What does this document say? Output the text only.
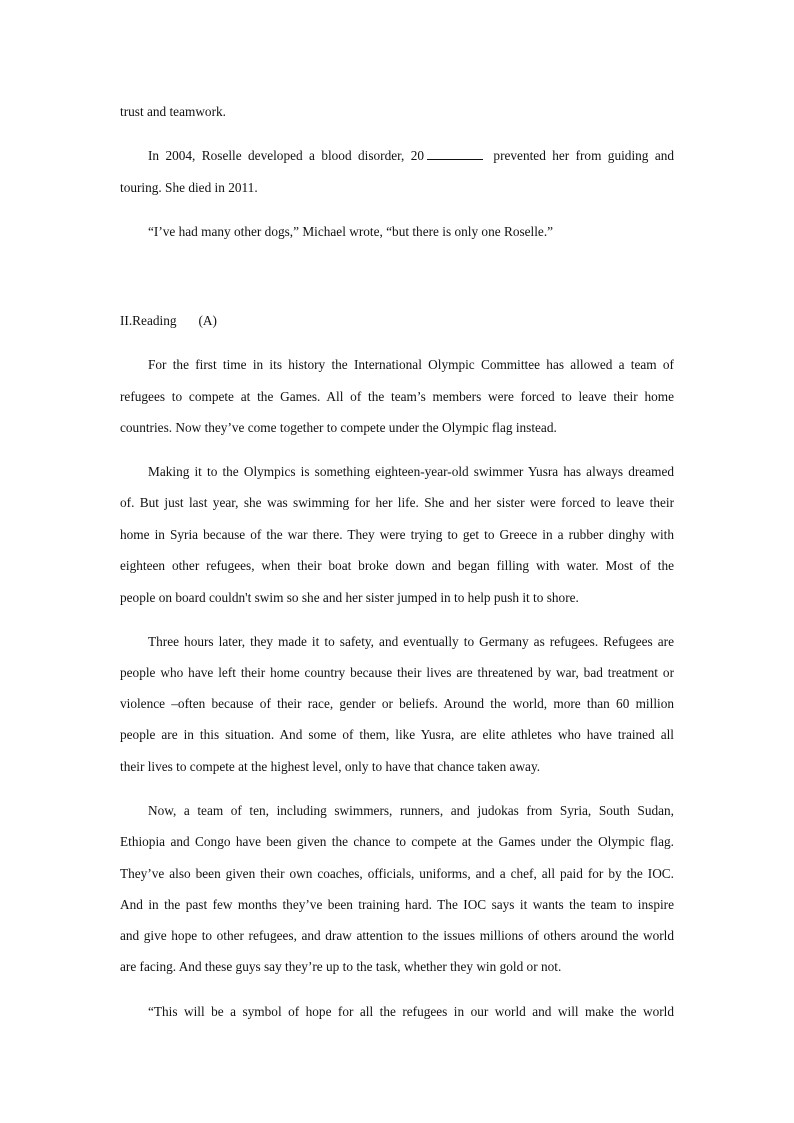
trust and teamwork.
In 2004, Roselle developed a blood disorder, 20	prevented her from guiding and
touring. She died in 2011.
“I’ve had many other dogs,” Michael wrote, “but there is only one Roselle.”
II.Reading (A)
For the first time in its history the International Olympic Committee has allowed a team of
refugees to compete at the Games. All of the team’s members were forced to leave their home
countries. Now they’ve come together to compete under the Olympic flag instead.
Making it to the Olympics is something eighteen-year-old swimmer Yusra has always dreamed
of. But just last year, she was swimming for her life. She and her sister were forced to leave their
home in Syria because of the war there. They were trying to get to Greece in a rubber dinghy with
eighteen other refugees, when their boat broke down and began filling with water. Most of the
people on board couldn't swim so she and her sister jumped in to help push it to shore.
Three hours later, they made it to safety, and eventually to Germany as refugees. Refugees are
people who have left their home country because their lives are threatened by war, bad treatment or
violence –often because of their race, gender or beliefs. Around the world, more than 60 million
people are in this situation. And some of them, like Yusra, are elite athletes who have trained all
their lives to compete at the highest level, only to have that chance taken away.
Now, a team of ten, including swimmers, runners, and judokas from Syria, South Sudan,
Ethiopia and Congo have been given the chance to compete at the Games under the Olympic flag.
They’ve also been given their own coaches, officials, uniforms, and a chef, all paid for by the IOC.
And in the past few months they’ve been training hard. The IOC says it wants the team to inspire
and give hope to other refugees, and draw attention to the issues millions of others around the world
are facing. And these guys say they’re up to the task, whether they win gold or not.
“This will be a symbol of hope for all the refugees in our world and will make the world
